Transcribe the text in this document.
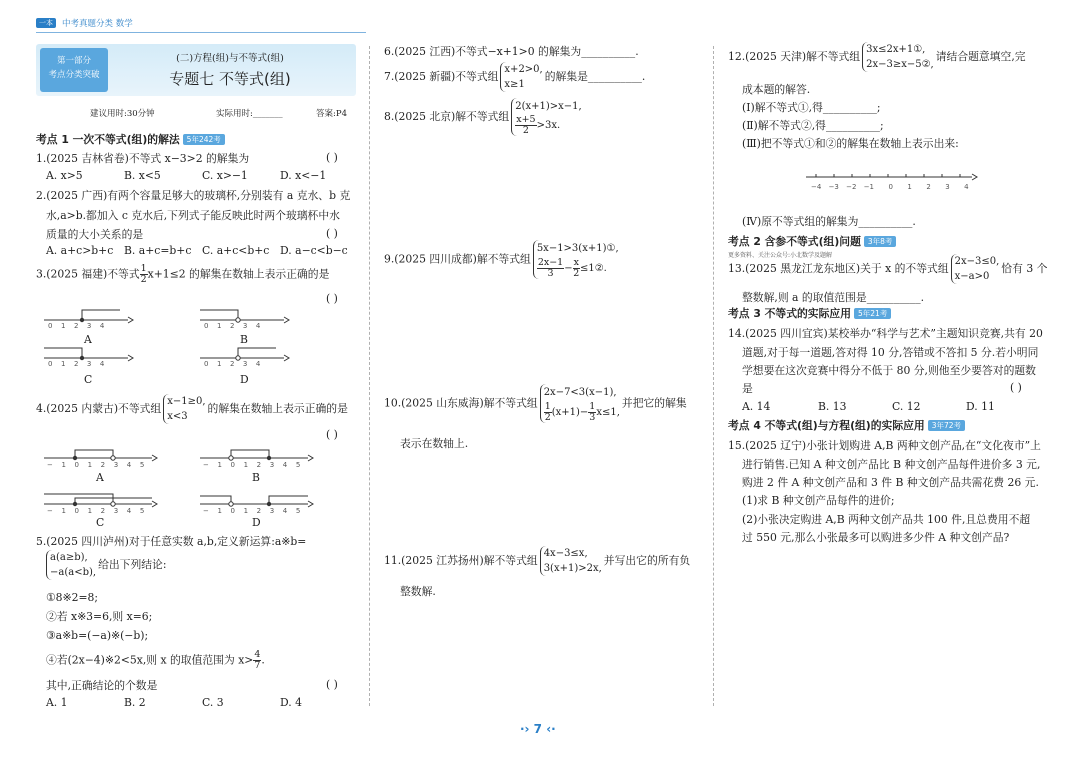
一本	中考真题分类 数学
第一部分
考点分类突破
(二)方程(组)与不等式(组)
专题七 不等式(组)
建议用时:30分钟	实际用时:_______	答案:P4
考点 1 一次不等式(组)的解法 5年242考
1.(2025 吉林省卷)不等式 x−3>2 的解集为	( )
A. x>5	B. x<5	C. x>−1	D. x<−1
2.(2025 广西)有两个容量足够大的玻璃杯,分别装有 a 克水、b 克
水,a>b.都加入 c 克水后,下列式子能反映此时两个玻璃杯中水
质量的大小关系的是	( )
A. a+c>b+c B. a+c=b+c C. a+c<b+c D. a−c<b−c
3.(2025 福建)不等式 $\frac{1}{2} x+1\le 2$ 的解集在数轴上表示正确的是
( )
01234	01234
01234	01234
A	B
C	D
4.(2025 内蒙古)不等式组x−1≥0,
x<3的解集在数轴上表示正确的是
( )
−1012345	−1012345
−1012345	−1012345
A	B
C	D
5.(2025 四川泸州)对于任意实数 a,b,定义新运算:a※b=
a(a≥b),
−a(a<b),给出下列结论:
①8※2=8;
②若 x※3=6,则 x=6;
③a※b=(−a)※(−b);
④若(2x−4)※2<5x,则 x 的取值范围为 $x> \frac{4}{7}$ .
其中,正确结论的个数是	( )
A. 1	B. 2	C. 3	D. 4
6.(2025 江西)不等式−x+1>0 的解集为__________.
7.(2025 新疆)不等式组x+2>0,
x≥1的解集是__________.
8.(2025 北京)解不等式组2(x+1)>x−1,

$\frac{x+5}{2} >3x$.
9.(2025 四川成都)解不等式组5x−1>3(x+1)①,

$\frac{2x-1}{3} - \frac{x}{2}$ ≤1②.
10.(2025 山东威海)解不等式组2x−7<3(x−1),

$\frac{1}{2} (x+1)- \frac{1}{3} x\le 1$,并把它的解集
表示在数轴上.
11.(2025 江苏扬州)解不等式组4x−3≤x,
3(x+1)>2x,并写出它的所有负
整数解.
12.(2025 天津)解不等式组3x≤2x+1①,
2x−3≥x−5②,请结合题意填空,完
成本题的解答.
(Ⅰ)解不等式①,得__________;
(Ⅱ)解不等式②,得__________;
(Ⅲ)把不等式①和②的解集在数轴上表示出来:
−4 −3 −2 −1 0 1 2 3 4
(Ⅳ)原不等式组的解集为__________.
考点 2 含参不等式(组)问题 3年8考
更多资料、关注公众号:小北数学及题解
13.(2025 黑龙江龙东地区)关于 x 的不等式组2x−3≤0,
x−a>0恰有 3 个
整数解,则 a 的取值范围是__________.
考点 3 不等式的实际应用 5年21考
14.(2025 四川宜宾)某校举办“科学与艺术”主题知识竞赛,共有 20
道题,对于每一道题,答对得 10 分,答错或不答扣 5 分.若小明同
学想要在这次竞赛中得分不低于 80 分,则他至少要答对的题数
是	( )
A. 14	B. 13	C. 12	D. 11
考点 4 不等式(组)与方程(组)的实际应用 3年72考
15.(2025 辽宁)小张计划购进 A,B 两种文创产品,在“文化夜市”上
进行销售.已知 A 种文创产品比 B 种文创产品每件进价多 3 元,
购进 2 件 A 种文创产品和 3 件 B 种文创产品共需花费 26 元.
(1)求 B 种文创产品每件的进价;
(2)小张决定购进 A,B 两种文创产品共 100 件,且总费用不超
过 550 元,那么小张最多可以购进多少件 A 种文创产品?
·› 7 ‹·
